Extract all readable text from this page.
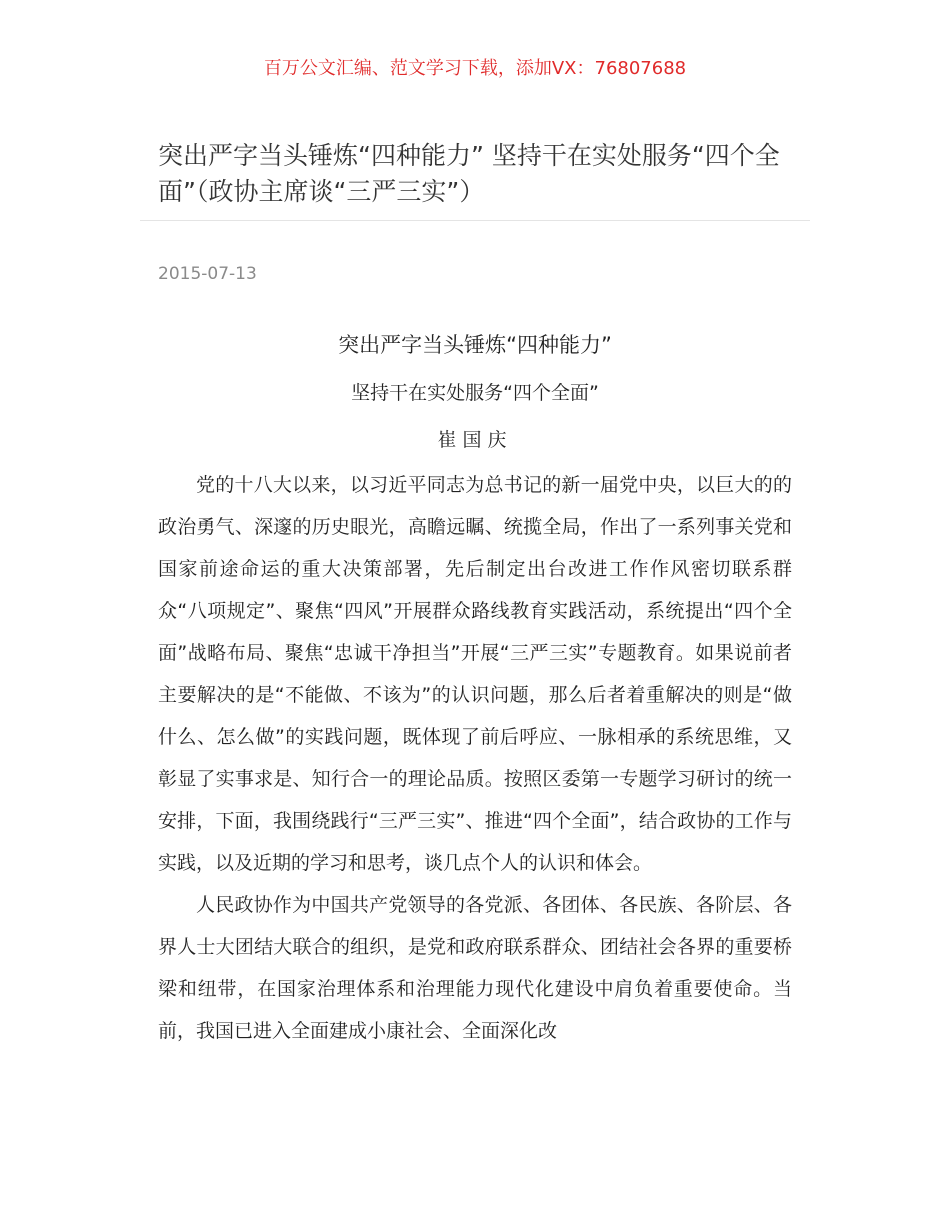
百万公文汇编、范文学习下载，添加VX：76807688
突出严字当头锤炼“四种能力” 坚持干在实处服务“四个全面”（政协主席谈“三严三实”）
2015-07-13

突出严字当头锤炼“四种能力”

坚持干在实处服务“四个全面”

崔国庆

党的十八大以来，以习近平同志为总书记的新一届党中央，以巨大的的政治勇气、深邃的历史眼光，高瞻远瞩、统揽全局，作出了一系列事关党和国家前途命运的重大决策部署，先后制定出台改进工作作风密切联系群众“八项规定”、聚焦“四风”开展群众路线教育实践活动，系统提出“四个全面”战略布局、聚焦“忠诚干净担当”开展“三严三实”专题教育。如果说前者主要解决的是“不能做、不该为”的认识问题，那么后者着重解决的则是“做什么、怎么做”的实践问题，既体现了前后呼应、一脉相承的系统思维，又彰显了实事求是、知行合一的理论品质。按照区委第一专题学习研讨的统一安排，下面，我围绕践行“三严三实”、推进“四个全面”，结合政协的工作与实践，以及近期的学习和思考，谈几点个人的认识和体会。

人民政协作为中国共产党领导的各党派、各团体、各民族、各阶层、各界人士大团结大联合的组织，是党和政府联系群众、团结社会各界的重要桥梁和纽带，在国家治理体系和治理能力现代化建设中肩负着重要使命。当前，我国已进入全面建成小康社会、全面深化改
